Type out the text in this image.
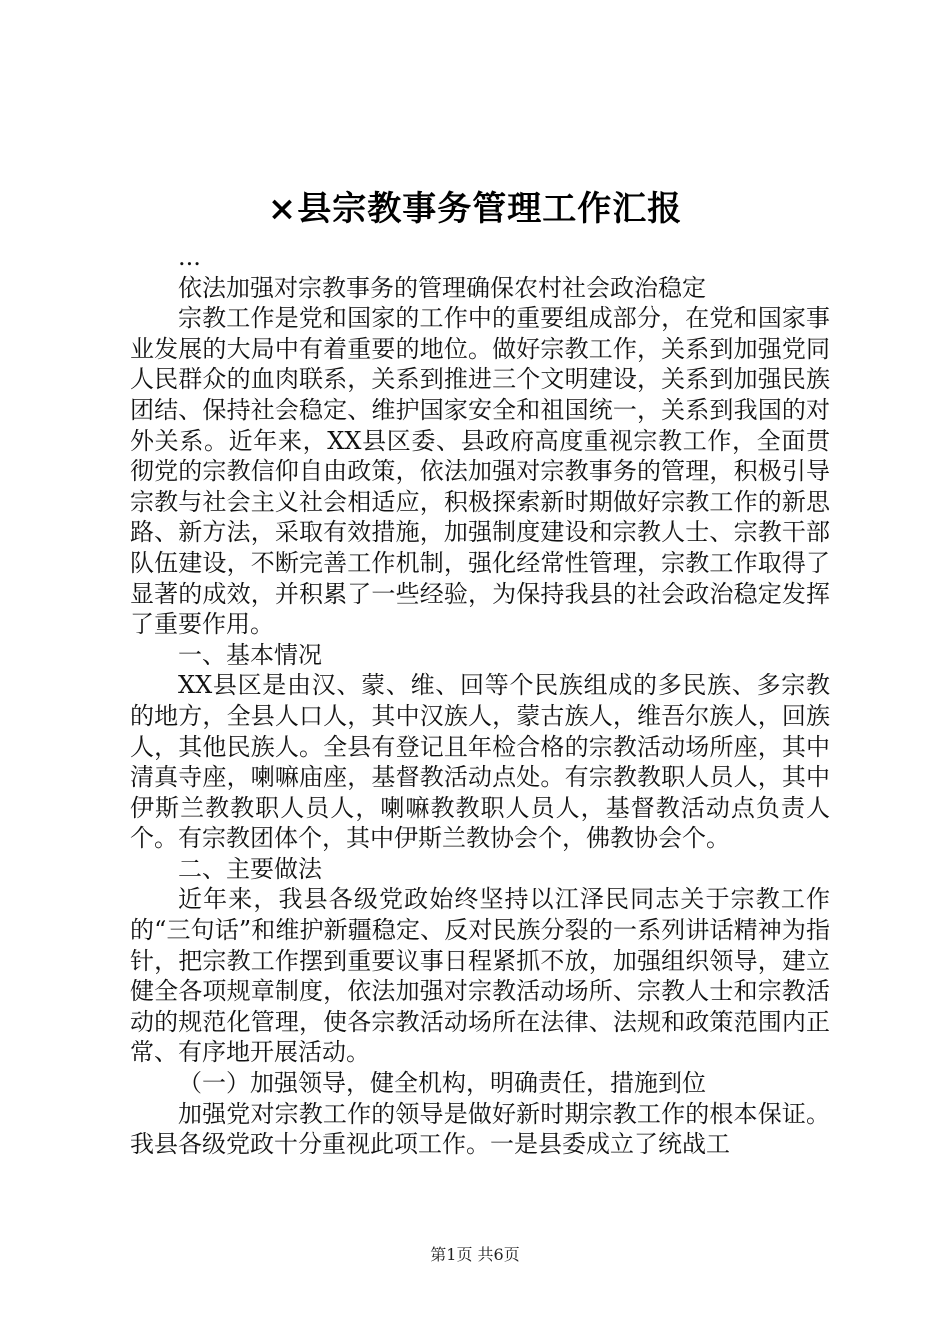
×县宗教事务管理工作汇报

...

依法加强对宗教事务的管理确保农村社会政治稳定

宗教工作是党和国家的工作中的重要组成部分，在党和国家事业发展的大局中有着重要的地位。做好宗教工作，关系到加强党同人民群众的血肉联系，关系到推进三个文明建设，关系到加强民族团结、保持社会稳定、维护国家安全和祖国统一，关系到我国的对外关系。近年来，XX县区委、县政府高度重视宗教工作，全面贯彻党的宗教信仰自由政策，依法加强对宗教事务的管理，积极引导宗教与社会主义社会相适应，积极探索新时期做好宗教工作的新思路、新方法，采取有效措施，加强制度建设和宗教人士、宗教干部队伍建设，不断完善工作机制，强化经常性管理，宗教工作取得了显著的成效，并积累了一些经验，为保持我县的社会政治稳定发挥了重要作用。

一、基本情况

XX县区是由汉、蒙、维、回等个民族组成的多民族、多宗教的地方，全县人口人，其中汉族人，蒙古族人，维吾尔族人，回族人，其他民族人。全县有登记且年检合格的宗教活动场所座，其中清真寺座，喇嘛庙座，基督教活动点处。有宗教教职人员人，其中伊斯兰教教职人员人，喇嘛教教职人员人，基督教活动点负责人个。有宗教团体个，其中伊斯兰教协会个，佛教协会个。

二、主要做法

近年来，我县各级党政始终坚持以江泽民同志关于宗教工作的“三句话”和维护新疆稳定、反对民族分裂的一系列讲话精神为指针，把宗教工作摆到重要议事日程紧抓不放，加强组织领导，建立健全各项规章制度，依法加强对宗教活动场所、宗教人士和宗教活动的规范化管理，使各宗教活动场所在法律、法规和政策范围内正常、有序地开展活动。

（一）加强领导，健全机构，明确责任，措施到位

加强党对宗教工作的领导是做好新时期宗教工作的根本保证。我县各级党政十分重视此项工作。一是县委成立了统战工

第1页 共6页
